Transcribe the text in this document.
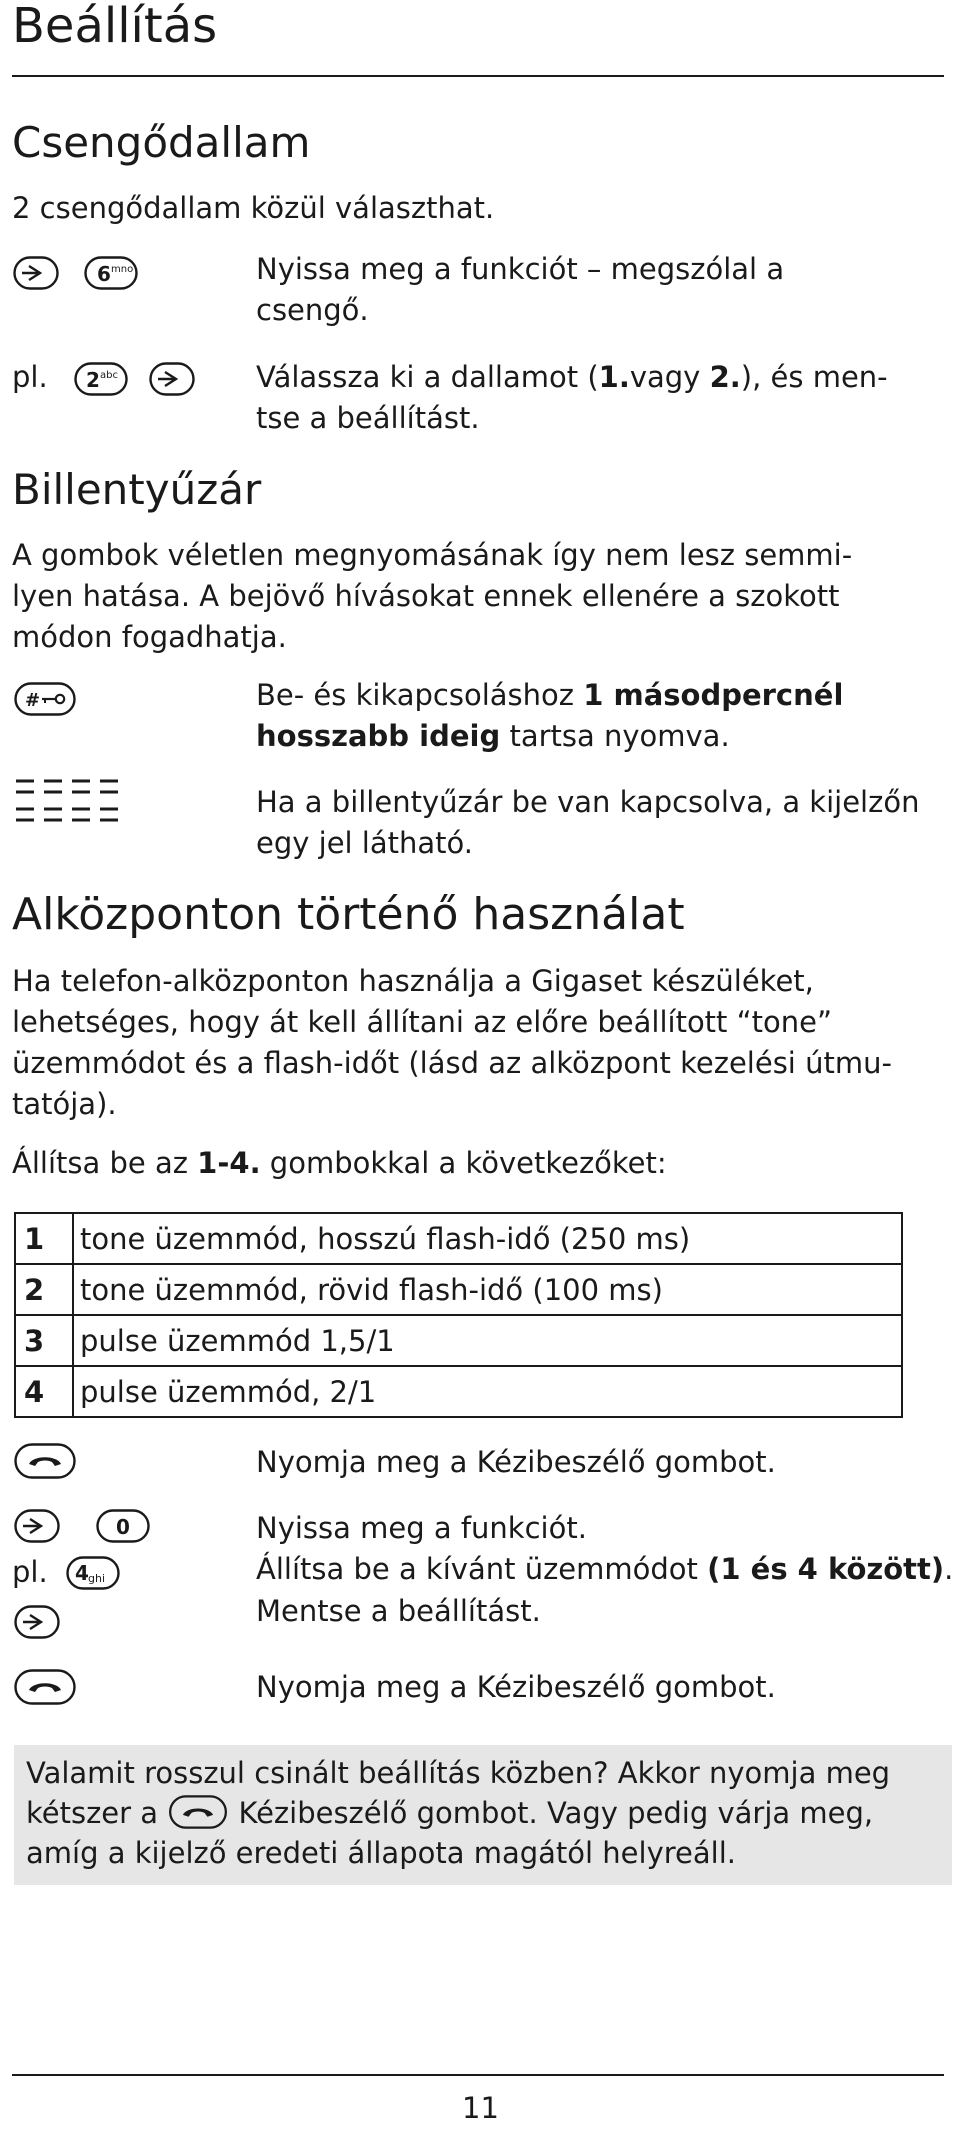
Beállítás
Csengődallam
2 csengődallam közül választhat.
6 mno	Nyissa meg a funkciót – megszólal a
csengő.
pl. 2 abc	Válassza ki a dallamot (1.vagy 2.), és men-
tse a beállítást.
Billentyűzár
A gombok véletlen megnyomásának így nem lesz semmi-
lyen hatása. A bejövő hívásokat ennek ellenére a szokott
módon fogadhatja.
#	Be- és kikapcsoláshoz 1 másodpercnél
hosszabb ideig tartsa nyomva.
Ha a billentyűzár be van kapcsolva, a kijelzőn
egy jel látható.
Alközponton történő használat
Ha telefon-alközponton használja a Gigaset készüléket,
lehetséges, hogy át kell állítani az előre beállított “tone”
üzemmódot és a flash-időt (lásd az alközpont kezelési útmu-
tatója).
Állítsa be az 1-4. gombokkal a következőket:
1	tone üzemmód, hosszú flash-idő (250 ms)
2	tone üzemmód, rövid flash-idő (100 ms)
3	pulse üzemmód 1,5/1
4	pulse üzemmód, 2/1
Nyomja meg a Kézibeszélő gombot.
0	Nyissa meg a funkciót.
pl. 4 ghi	Állítsa be a kívánt üzemmódot (1 és 4 között).
Mentse a beállítást.
Nyomja meg a Kézibeszélő gombot.
Valamit rosszul csinált beállítás közben? Akkor nyomja meg
kétszer a  Kézibeszélő gombot. Vagy pedig várja meg,
amíg a kijelző eredeti állapota magától helyreáll.
11
